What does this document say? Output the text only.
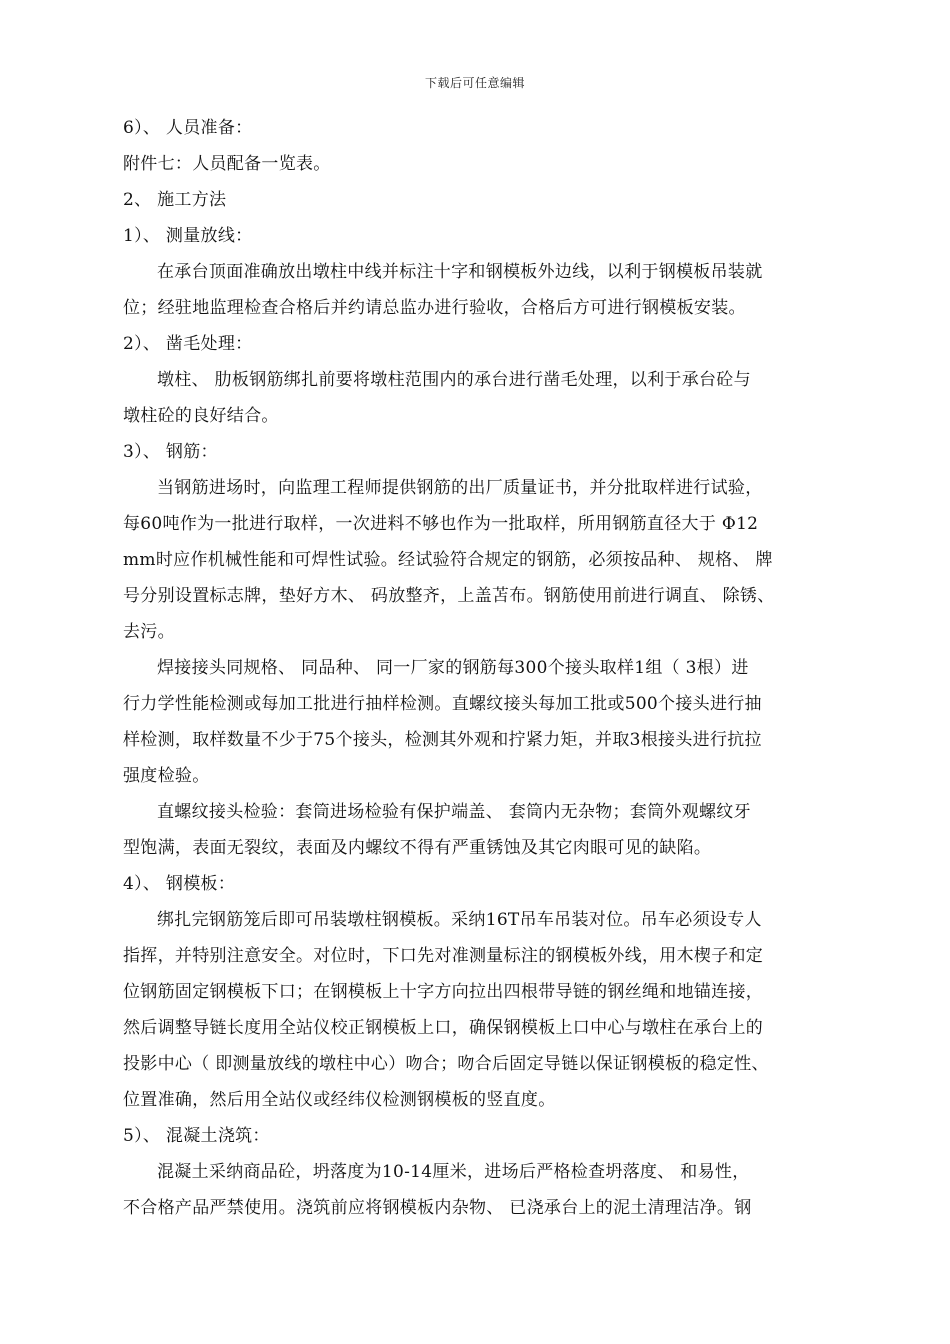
下载后可任意编辑
6）、 人员准备：
附件七：人员配备一览表。
2、 施工方法
1）、 测量放线：
在承台顶面准确放出墩柱中线并标注十字和钢模板外边线，以利于钢模板吊装就
位；经驻地监理检查合格后并约请总监办进行验收，合格后方可进行钢模板安装。
2）、 凿毛处理：
墩柱、 肋板钢筋绑扎前要将墩柱范围内的承台进行凿毛处理，以利于承台砼与
墩柱砼的良好结合。
3）、 钢筋：
当钢筋进场时，向监理工程师提供钢筋的出厂质量证书，并分批取样进行试验，
每60吨作为一批进行取样，一次进料不够也作为一批取样，所用钢筋直径大于 Φ12
mm时应作机械性能和可焊性试验。经试验符合规定的钢筋，必须按品种、 规格、 牌
号分别设置标志牌，垫好方木、 码放整齐，上盖苫布。钢筋使用前进行调直、 除锈、
去污。
焊接接头同规格、 同品种、 同一厂家的钢筋每300个接头取样1组（ 3根）进
行力学性能检测或每加工批进行抽样检测。直螺纹接头每加工批或500个接头进行抽
样检测，取样数量不少于75个接头，检测其外观和拧紧力矩，并取3根接头进行抗拉
强度检验。
直螺纹接头检验：套筒进场检验有保护端盖、 套筒内无杂物；套筒外观螺纹牙
型饱满，表面无裂纹，表面及内螺纹不得有严重锈蚀及其它肉眼可见的缺陷。
4）、 钢模板：
绑扎完钢筋笼后即可吊装墩柱钢模板。采纳16T吊车吊装对位。吊车必须设专人
指挥，并特别注意安全。对位时，下口先对准测量标注的钢模板外线，用木楔子和定
位钢筋固定钢模板下口；在钢模板上十字方向拉出四根带导链的钢丝绳和地锚连接，
然后调整导链长度用全站仪校正钢模板上口，确保钢模板上口中心与墩柱在承台上的
投影中心（ 即测量放线的墩柱中心）吻合；吻合后固定导链以保证钢模板的稳定性、
位置准确，然后用全站仪或经纬仪检测钢模板的竖直度。
5）、 混凝土浇筑：
混凝土采纳商品砼，坍落度为10-14厘米，进场后严格检查坍落度、 和易性，
不合格产品严禁使用。浇筑前应将钢模板内杂物、 已浇承台上的泥土清理洁净。钢
